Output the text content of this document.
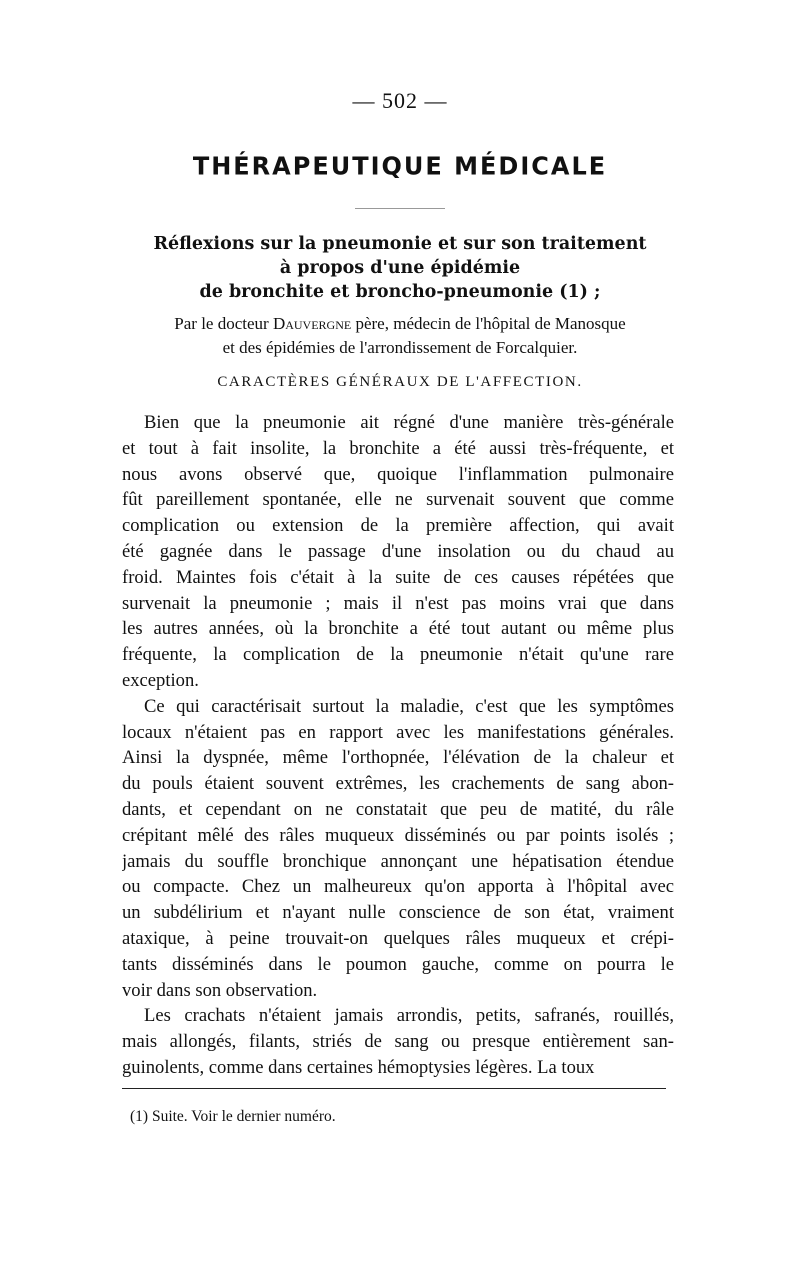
— 502 —
THÉRAPEUTIQUE MÉDICALE
Réflexions sur la pneumonie et sur son traitement
à propos d'une épidémie
de bronchite et broncho-pneumonie (1) ;
Par le docteur Dauvergne père, médecin de l'hôpital de Manosque
et des épidémies de l'arrondissement de Forcalquier.
CARACTÈRES GÉNÉRAUX DE L'AFFECTION.
Bien que la pneumonie ait régné d'une manière très-générale
et tout à fait insolite, la bronchite a été aussi très-fréquente, et
nous avons observé que, quoique l'inflammation pulmonaire
fût pareillement spontanée, elle ne survenait souvent que comme
complication ou extension de la première affection, qui avait
été gagnée dans le passage d'une insolation ou du chaud au
froid. Maintes fois c'était à la suite de ces causes répétées que
survenait la pneumonie ; mais il n'est pas moins vrai que dans
les autres années, où la bronchite a été tout autant ou même plus
fréquente, la complication de la pneumonie n'était qu'une rare
exception.
Ce qui caractérisait surtout la maladie, c'est que les symptômes
locaux n'étaient pas en rapport avec les manifestations générales.
Ainsi la dyspnée, même l'orthopnée, l'élévation de la chaleur et
du pouls étaient souvent extrêmes, les crachements de sang abon-
dants, et cependant on ne constatait que peu de matité, du râle
crépitant mêlé des râles muqueux disséminés ou par points isolés ;
jamais du souffle bronchique annonçant une hépatisation étendue
ou compacte. Chez un malheureux qu'on apporta à l'hôpital avec
un subdélirium et n'ayant nulle conscience de son état, vraiment
ataxique, à peine trouvait-on quelques râles muqueux et crépi-
tants disséminés dans le poumon gauche, comme on pourra le
voir dans son observation.
Les crachats n'étaient jamais arrondis, petits, safranés, rouillés,
mais allongés, filants, striés de sang ou presque entièrement san-
guinolents, comme dans certaines hémoptysies légères. La toux
(1) Suite. Voir le dernier numéro.
